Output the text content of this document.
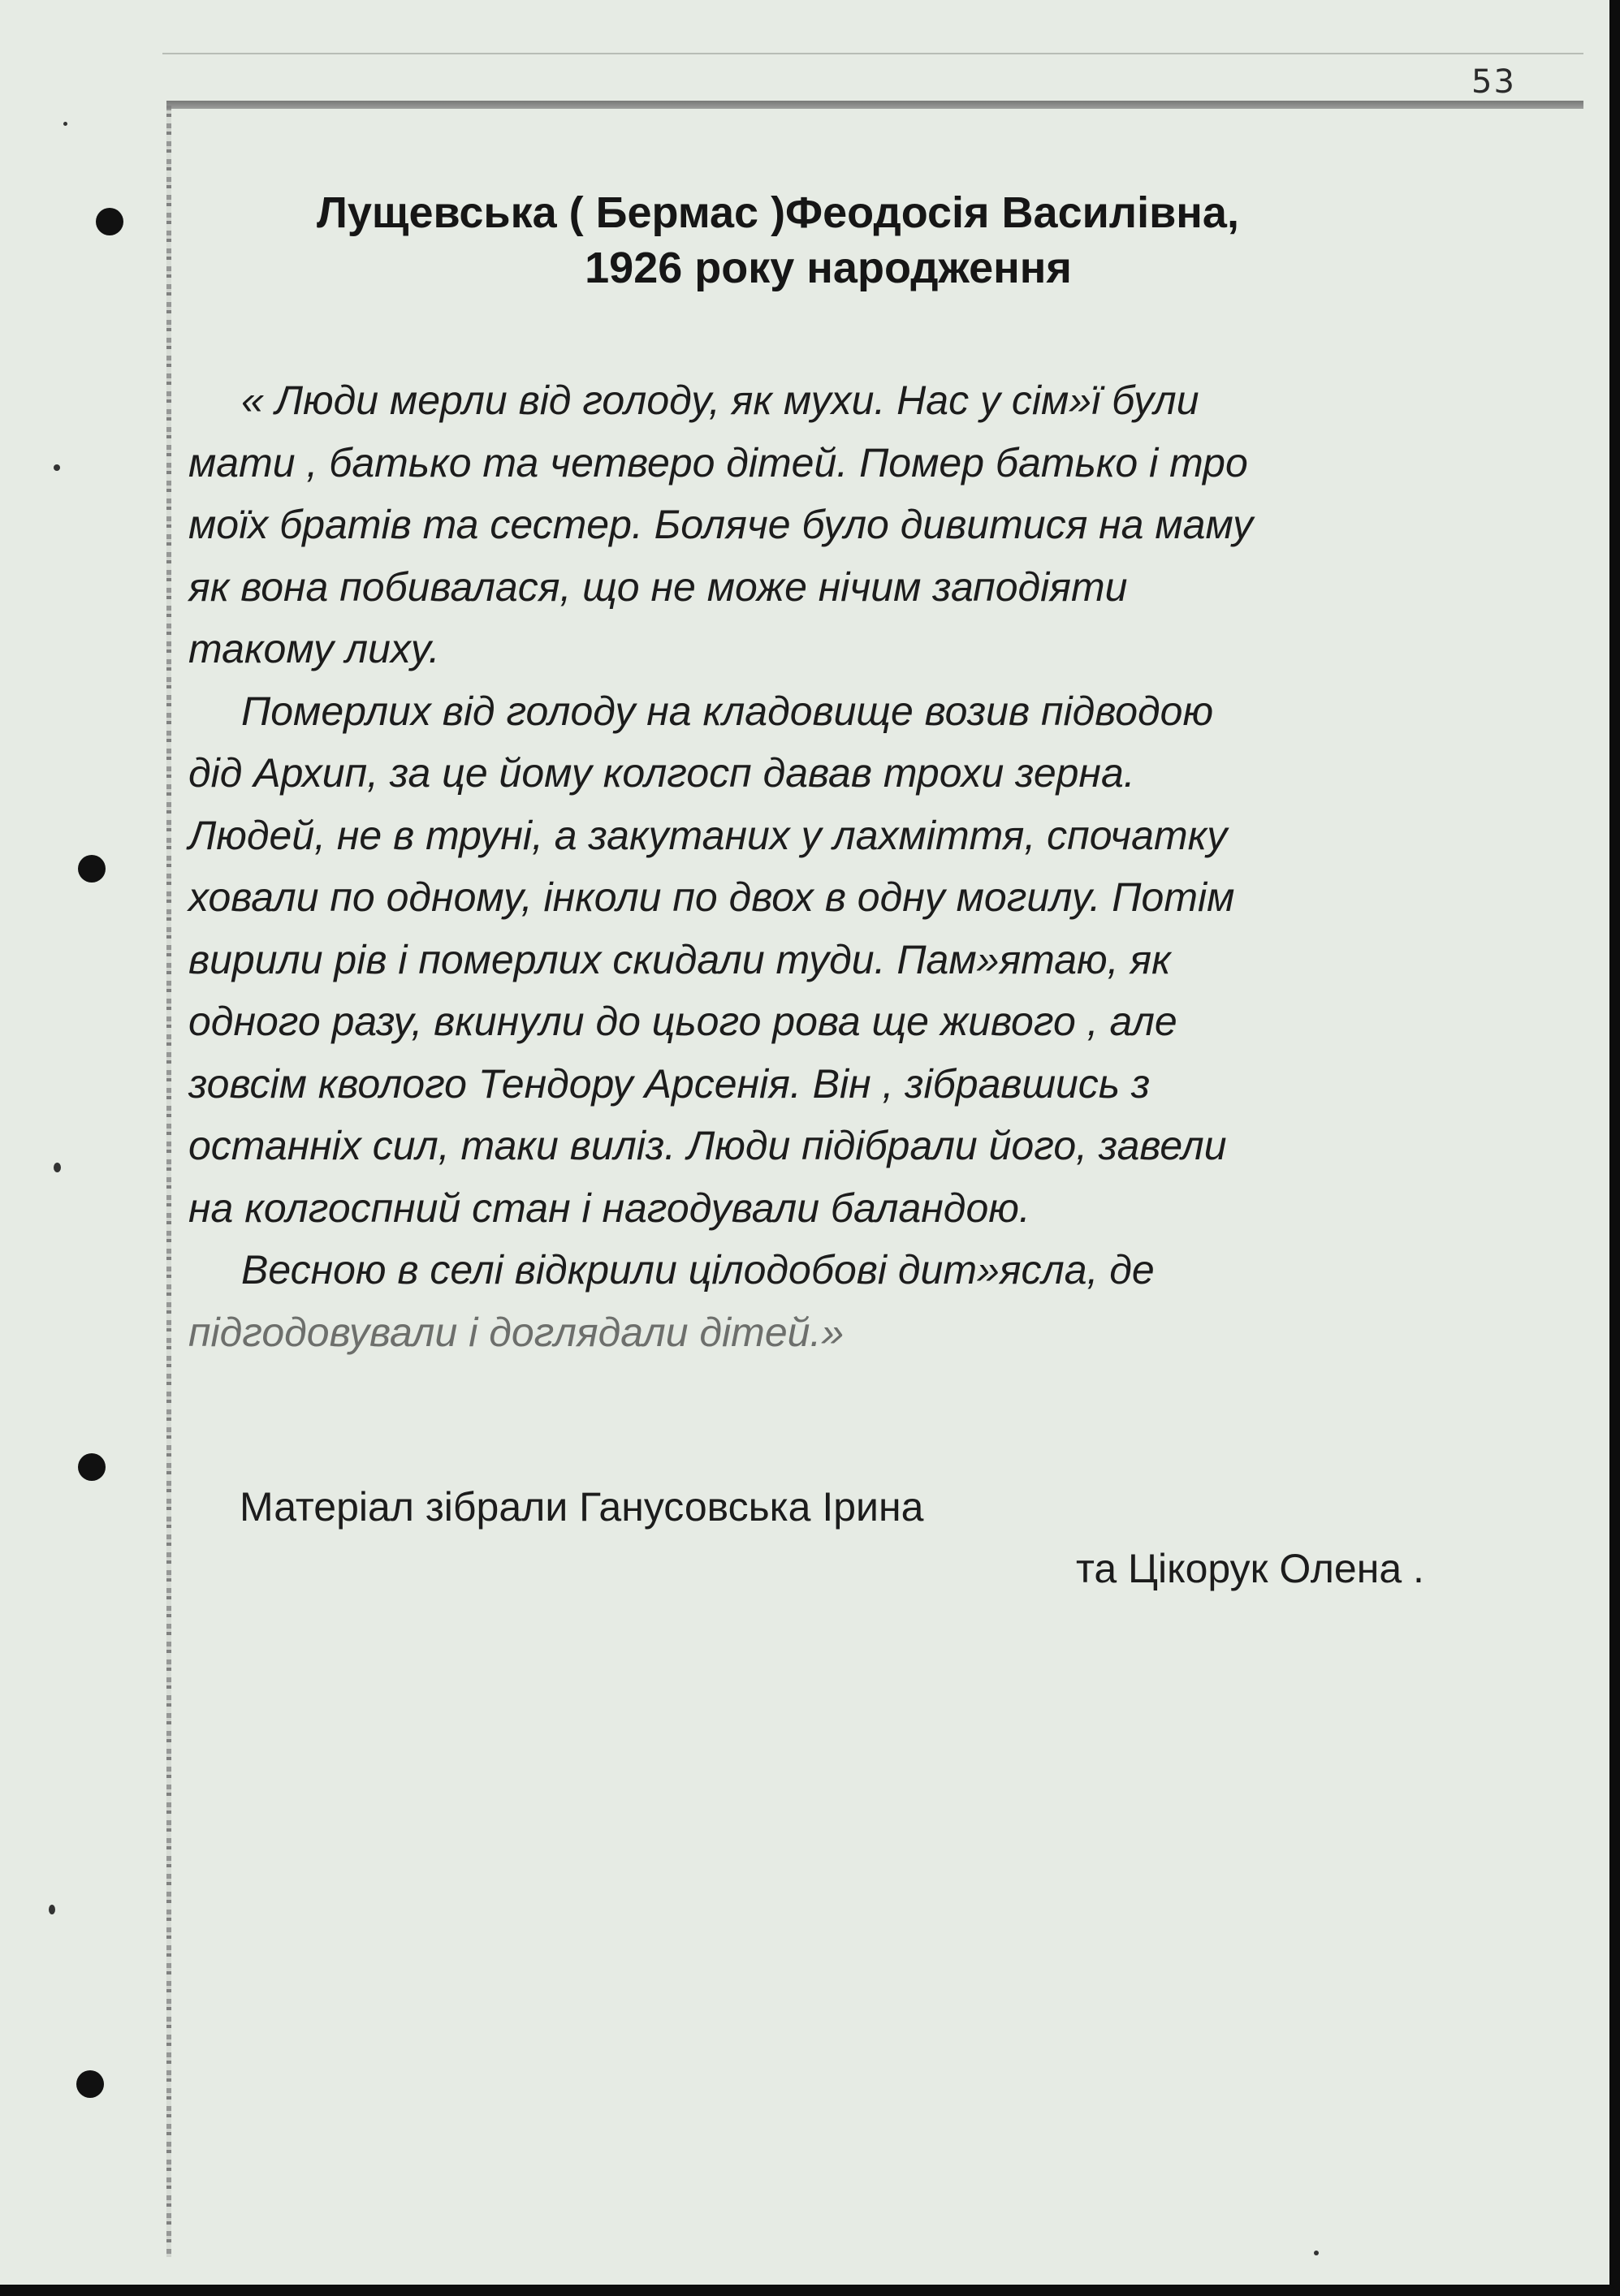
53
Лущевська ( Бермас )Феодосія Василівна,
1926 року народження
« Люди мерли від голоду, як мухи. Нас у сім»ї були
мати , батько та четверо дітей. Помер батько і тро
моїх братів та сестер. Боляче було дивитися на маму
як вона побивалася, що не може нічим заподіяти
такому лиху.
Померлих від голоду на кладовище возив підводою
дід Архип, за це йому колгосп давав трохи зерна.
Людей, не в труні, а закутаних у лахміття, спочатку
ховали по одному, інколи по двох в одну могилу. Потім
вирили рів і померлих скидали туди. Пам»ятаю, як
одного разу, вкинули до цього рова ще живого , але
зовсім кволого Тендору Арсенія. Він , зібравшись з
останніх сил, таки виліз. Люди підібрали його, завели
на колгоспний стан і нагодували баландою.
Весною в селі відкрили цілодобові дит»ясла, де
підгодовували і доглядали дітей.»
Матеріал зібрали Ганусовська Ірина
та Цікорук Олена .
